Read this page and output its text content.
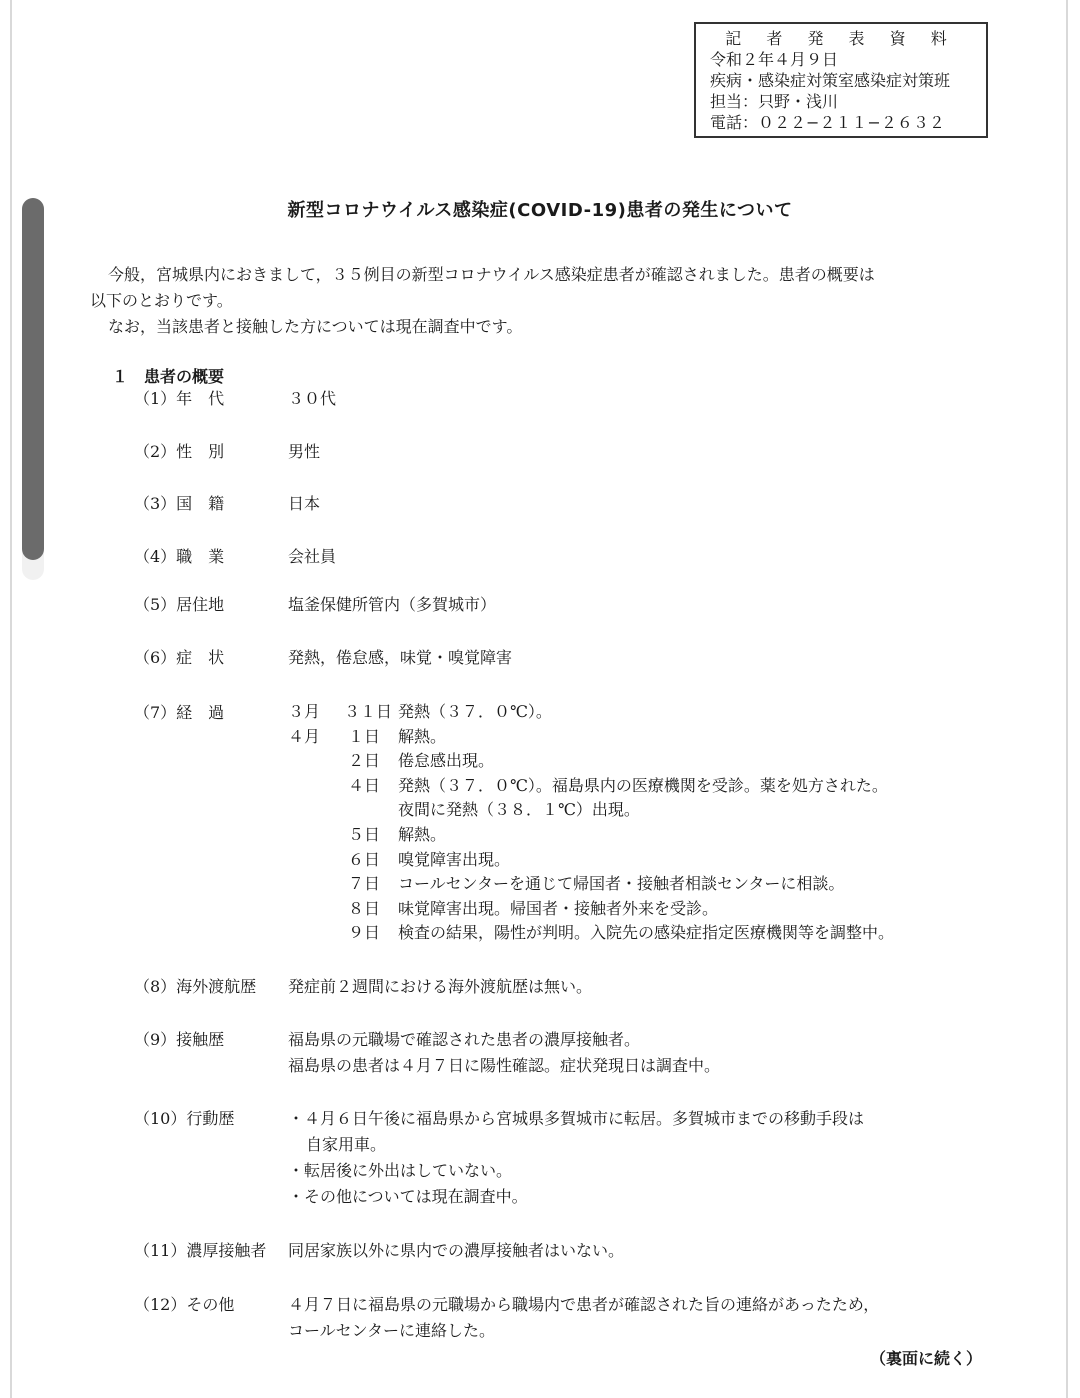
記 者 発 表 資 料
令和２年４月９日
疾病・感染症対策室感染症対策班
担当：只野・浅川
電話：０２２−２１１−２６３２
新型コロナウイルス感染症(COVID-19)患者の発生について

今般，宮城県内におきまして，３５例目の新型コロナウイルス感染症患者が確認されました。患者の概要は

以下のとおりです。

なお，当該患者と接触した方については現在調査中です。

１　患者の概要
（1）年　代	３０代
（2）性　別	男性
（3）国　籍	日本
（4）職　業	会社員
（5）居住地	塩釜保健所管内（多賀城市）
（6）症　状	発熱，倦怠感，味覚・嗅覚障害
（7）経　過	３月 ３１日 発熱（３７．０℃）。
４月 １日 解熱。
２日 倦怠感出現。
４日 発熱（３７．０℃）。福島県内の医療機関を受診。薬を処方された。
夜間に発熱（３８．１℃）出現。
５日 解熱。
６日 嗅覚障害出現。
７日 コールセンターを通じて帰国者・接触者相談センターに相談。
８日 味覚障害出現。帰国者・接触者外来を受診。
９日 検査の結果，陽性が判明。入院先の感染症指定医療機関等を調整中。
（8）海外渡航歴 発症前２週間における海外渡航歴は無い。
（9）接触歴	福島県の元職場で確認された患者の濃厚接触者。
福島県の患者は４月７日に陽性確認。症状発現日は調査中。
（10）行動歴	・４月６日午後に福島県から宮城県多賀城市に転居。多賀城市までの移動手段は
自家用車。
・転居後に外出はしていない。
・その他については現在調査中。
（11）濃厚接触者 同居家族以外に県内での濃厚接触者はいない。
（12）その他	４月７日に福島県の元職場から職場内で患者が確認された旨の連絡があったため，
コールセンターに連絡した。
（裏面に続く）
